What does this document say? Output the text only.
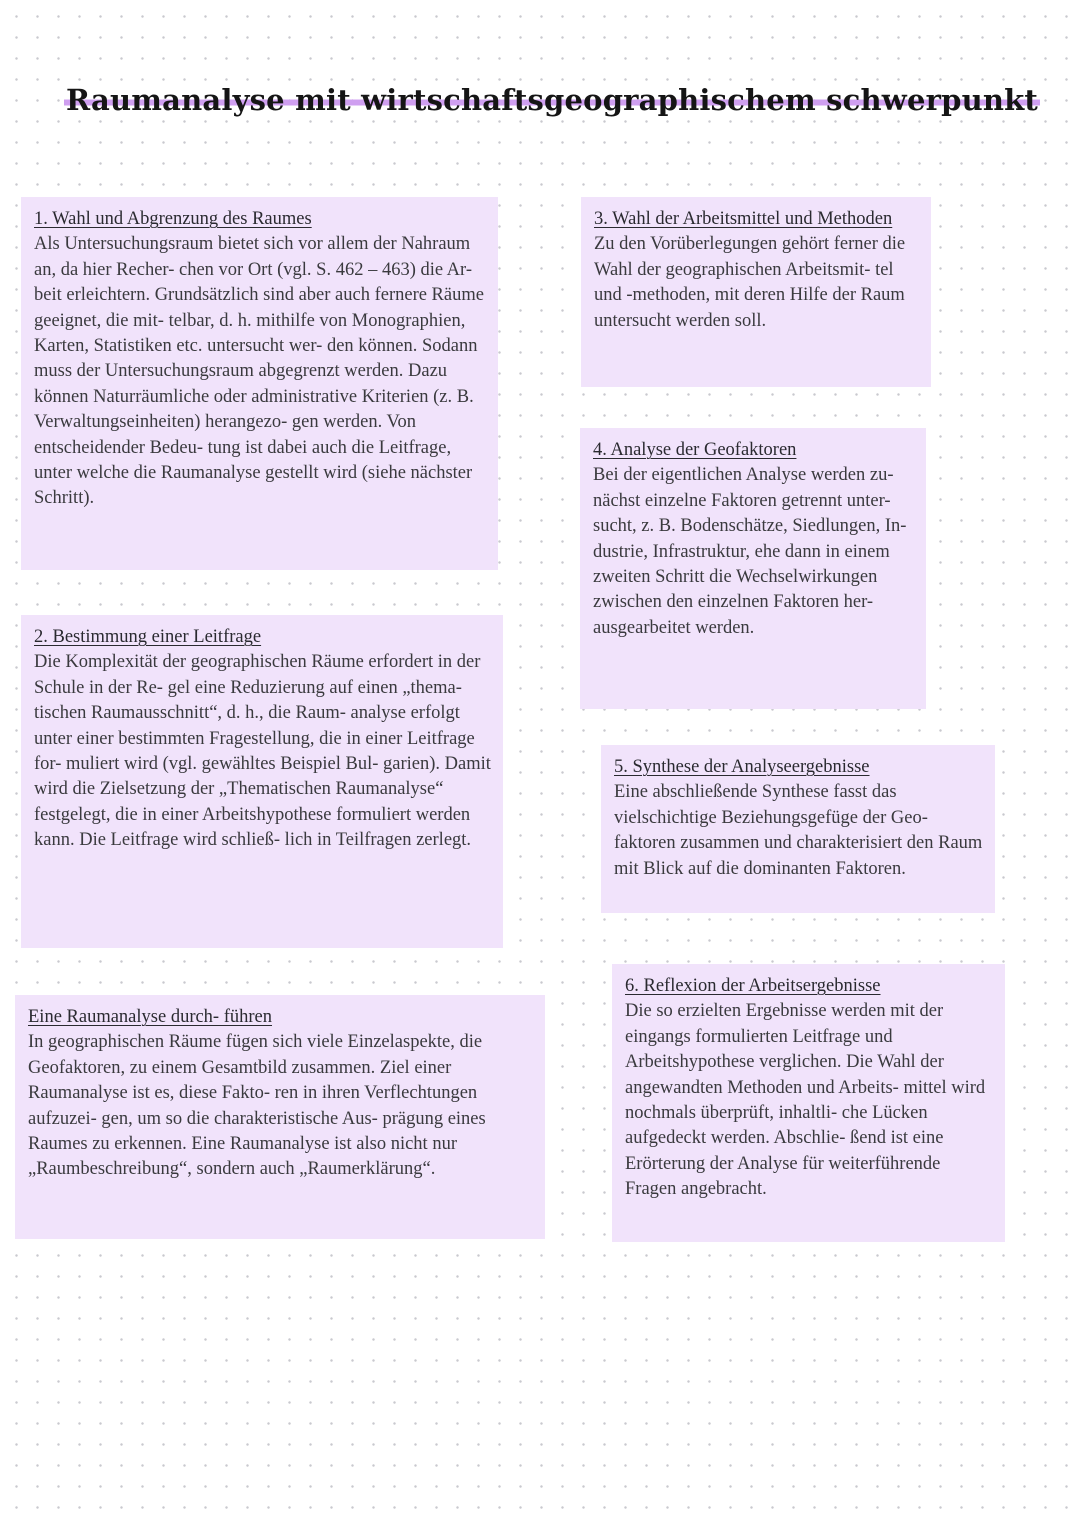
Raumanalyse mit wirtschaftsgeographischem schwerpunkt
1. Wahl und Abgrenzung des Raumes

Als Untersuchungsraum bietet sich vor allem der Nahraum an, da hier Recher- chen vor Ort (vgl. S. 462 – 463) die Ar- beit erleichtern. Grundsätzlich sind aber auch fernere Räume geeignet, die mit- telbar, d. h. mithilfe von Monographien, Karten, Statistiken etc. untersucht wer- den können. Sodann muss der Untersuchungsraum abgegrenzt werden. Dazu können Naturräumliche oder administrative Kriterien (z. B. Verwaltungseinheiten) herangezo- gen werden. Von entscheidender Bedeu- tung ist dabei auch die Leitfrage, unter welche die Raumanalyse gestellt wird (siehe nächster Schritt).

2. Bestimmung einer Leitfrage

Die Komplexität der geographischen Räume erfordert in der Schule in der Re- gel eine Reduzierung auf einen „thema- tischen Raumausschnitt“, d. h., die Raum- analyse erfolgt unter einer bestimmten Fragestellung, die in einer Leitfrage for- muliert wird (vgl. gewähltes Beispiel Bul- garien). Damit wird die Zielsetzung der „Thematischen Raumanalyse“ festgelegt, die in einer Arbeitshypothese formuliert werden kann. Die Leitfrage wird schließ- lich in Teilfragen zerlegt.

Eine Raumanalyse durch- führen

In geographischen Räume fügen sich viele Einzelaspekte, die Geofaktoren, zu einem Gesamtbild zusammen. Ziel einer Raumanalyse ist es, diese Fakto- ren in ihren Verflechtungen aufzuzei- gen, um so die charakteristische Aus- prägung eines Raumes zu erkennen. Eine Raumanalyse ist also nicht nur „Raumbeschreibung“, sondern auch „Raumerklärung“.

3. Wahl der Arbeitsmittel und Methoden

Zu den Vorüberlegungen gehört ferner die Wahl der geographischen Arbeitsmit- tel und -methoden, mit deren Hilfe der Raum untersucht werden soll.

4. Analyse der Geofaktoren

Bei der eigentlichen Analyse werden zu- nächst einzelne Faktoren getrennt unter- sucht, z. B. Bodenschätze, Siedlungen, In- dustrie, Infrastruktur, ehe dann in einem zweiten Schritt die Wechselwirkungen zwischen den einzelnen Faktoren her- ausgearbeitet werden.

5. Synthese der Analyseergebnisse

Eine abschließende Synthese fasst das vielschichtige Beziehungsgefüge der Geo- faktoren zusammen und charakterisiert den Raum mit Blick auf die dominanten Faktoren.

6. Reflexion der Arbeitsergebnisse

Die so erzielten Ergebnisse werden mit der eingangs formulierten Leitfrage und Arbeitshypothese verglichen. Die Wahl der angewandten Methoden und Arbeits- mittel wird nochmals überprüft, inhaltli- che Lücken aufgedeckt werden. Abschlie- ßend ist eine Erörterung der Analyse für weiterführende Fragen angebracht.
